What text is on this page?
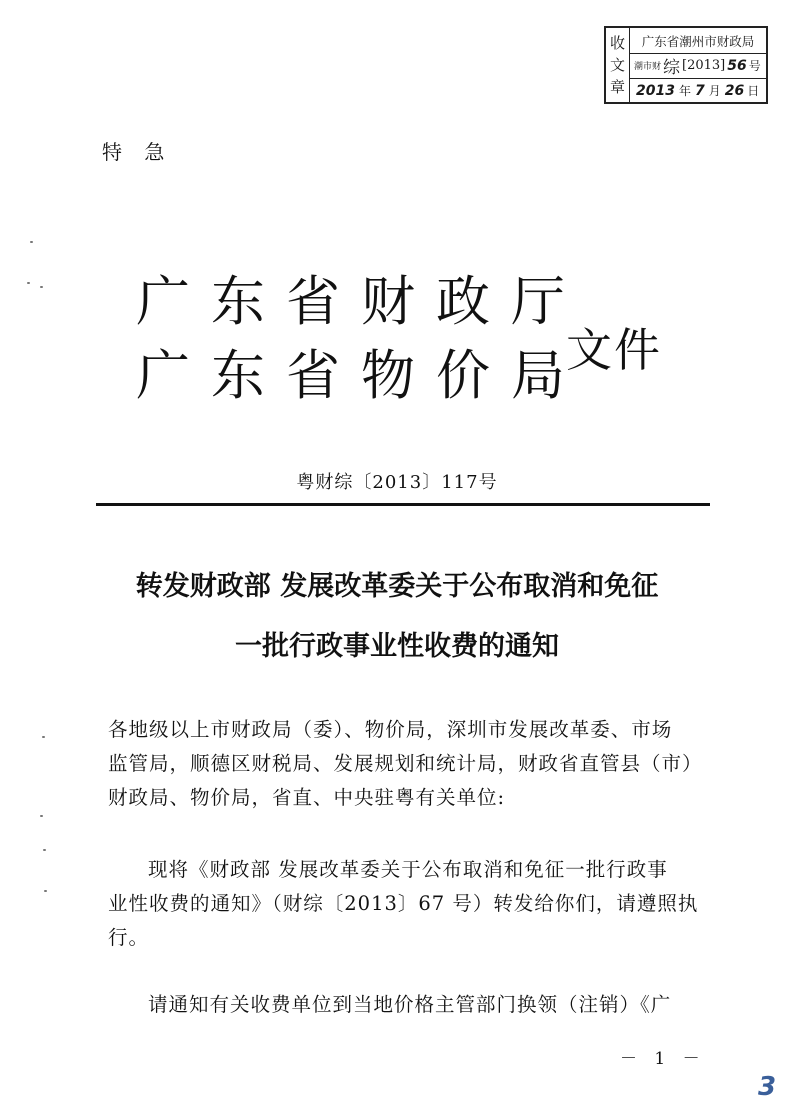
收
文
章
广东省潮州市财政局
潮市财 综 [2013] 56 号
2013 年 7 月 26 日
特 急
广东省财政厅
广东省物价局
文件
粤财综〔2013〕117号
转发财政部 发展改革委关于公布取消和免征
一批行政事业性收费的通知
各地级以上市财政局（委）、物价局，深圳市发展改革委、市场
监管局，顺德区财税局、发展规划和统计局，财政省直管县（市）
财政局、物价局，省直、中央驻粤有关单位:
现将《财政部 发展改革委关于公布取消和免征一批行政事
业性收费的通知》（财综〔2013〕67 号）转发给你们，请遵照执
行。
请通知有关收费单位到当地价格主管部门换领（注销）《广
－ 1 －
3
